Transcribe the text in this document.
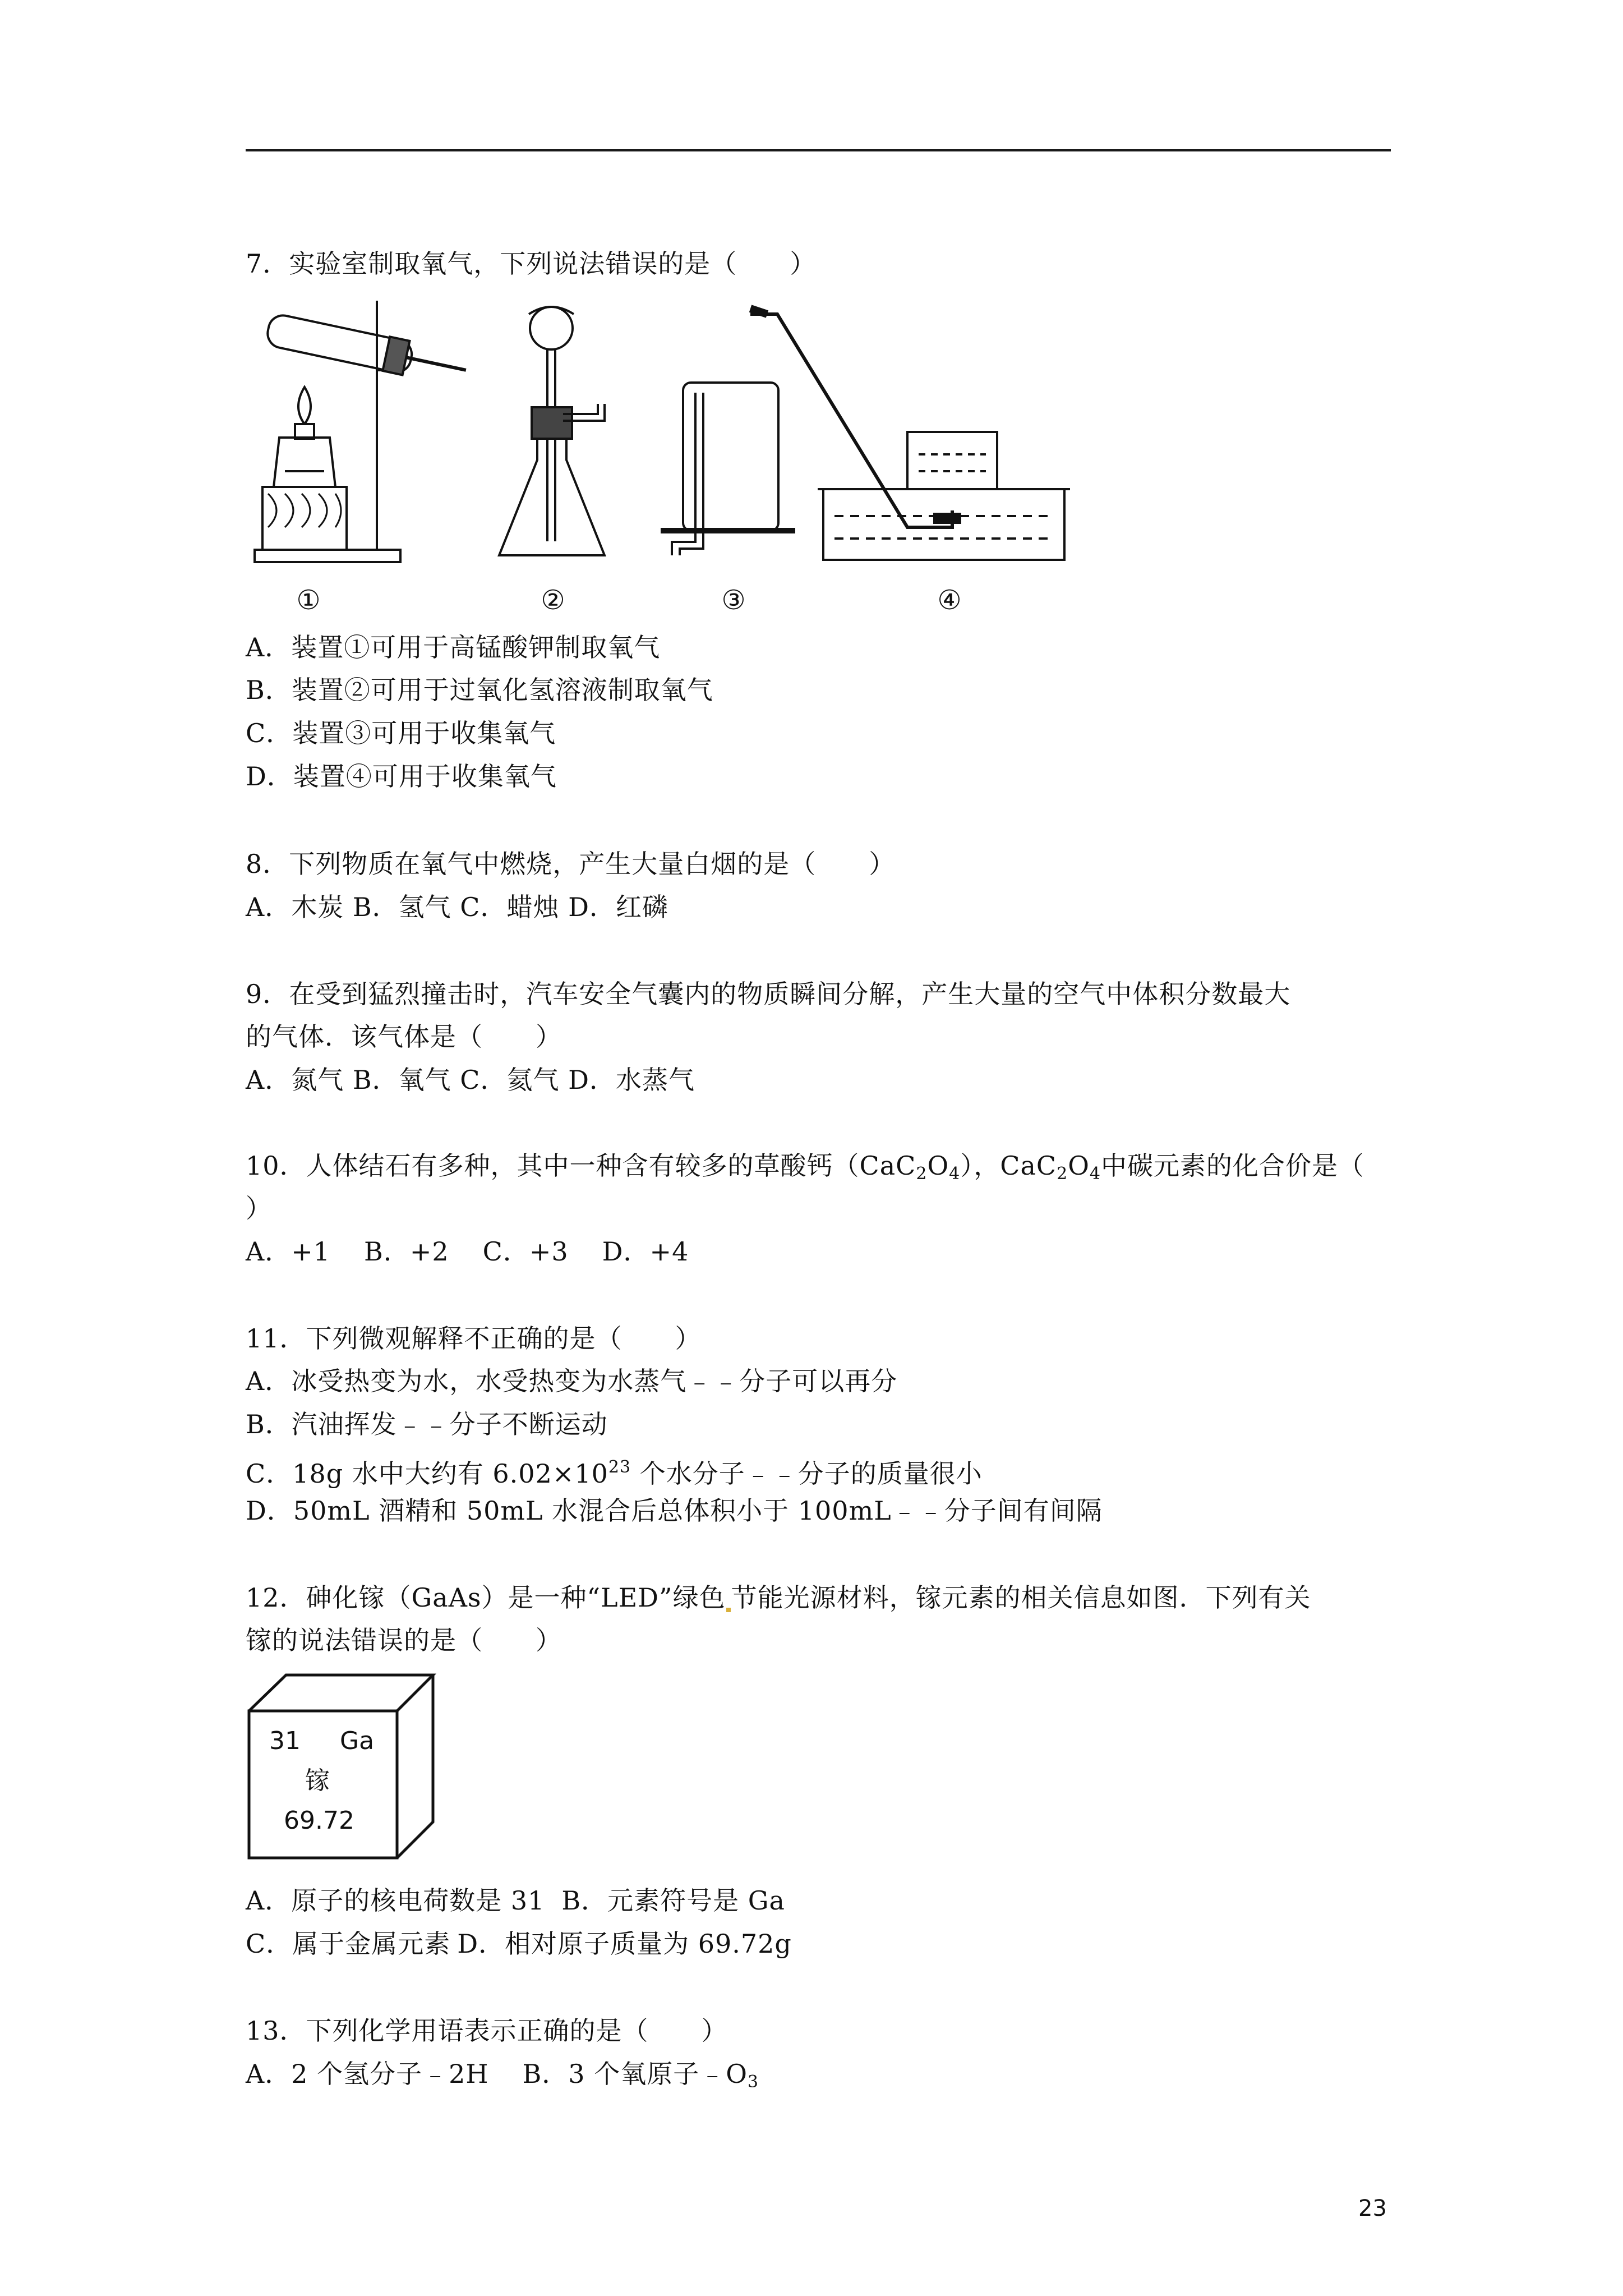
7．实验室制取氧气，下列说法错误的是（　　）
①	②	③	④
A．装置①可用于高锰酸钾制取氧气
B．装置②可用于过氧化氢溶液制取氧气
C．装置③可用于收集氧气
D．装置④可用于收集氧气
8．下列物质在氧气中燃烧，产生大量白烟的是（　　）
A．木炭 B．氢气 C．蜡烛 D．红磷
9．在受到猛烈撞击时，汽车安全气囊内的物质瞬间分解，产生大量的空气中体积分数最大
的气体．该气体是（　　）
A．氮气 B．氧气 C．氦气 D．水蒸气
10．人体结石有多种，其中一种含有较多的草酸钙$(CaC_2O_4)$，$CaC_2O_4$中碳元素的化合价是（
）
A．+1 B．+2 C．+3 D．+4
11．下列微观解释不正确的是（　　）
A．冰受热变为水，水受热变为水蒸气﹣﹣分子可以再分
B．汽油挥发﹣﹣分子不断运动
C．18g 水中大约有 $6.02\times 10^{23}$ 个水分子﹣﹣分子的质量很小
D．50mL 酒精和 50mL 水混合后总体积小于 100mL﹣﹣分子间有间隔
12．砷化镓（GaAs）是一种“LED”绿色 节能光源材料，镓元素的相关信息如图．下列有关
镓的说法错误的是（　　）
31 Ga
镓
69.72
A．原子的核电荷数是 31 B．元素符号是 Ga
C．属于金属元素 D．相对原子质量为 69.72g
13．下列化学用语表示正确的是（　　）
A．2 个氢分子﹣2H B．3 个氧原子$﹣O_3$
23
